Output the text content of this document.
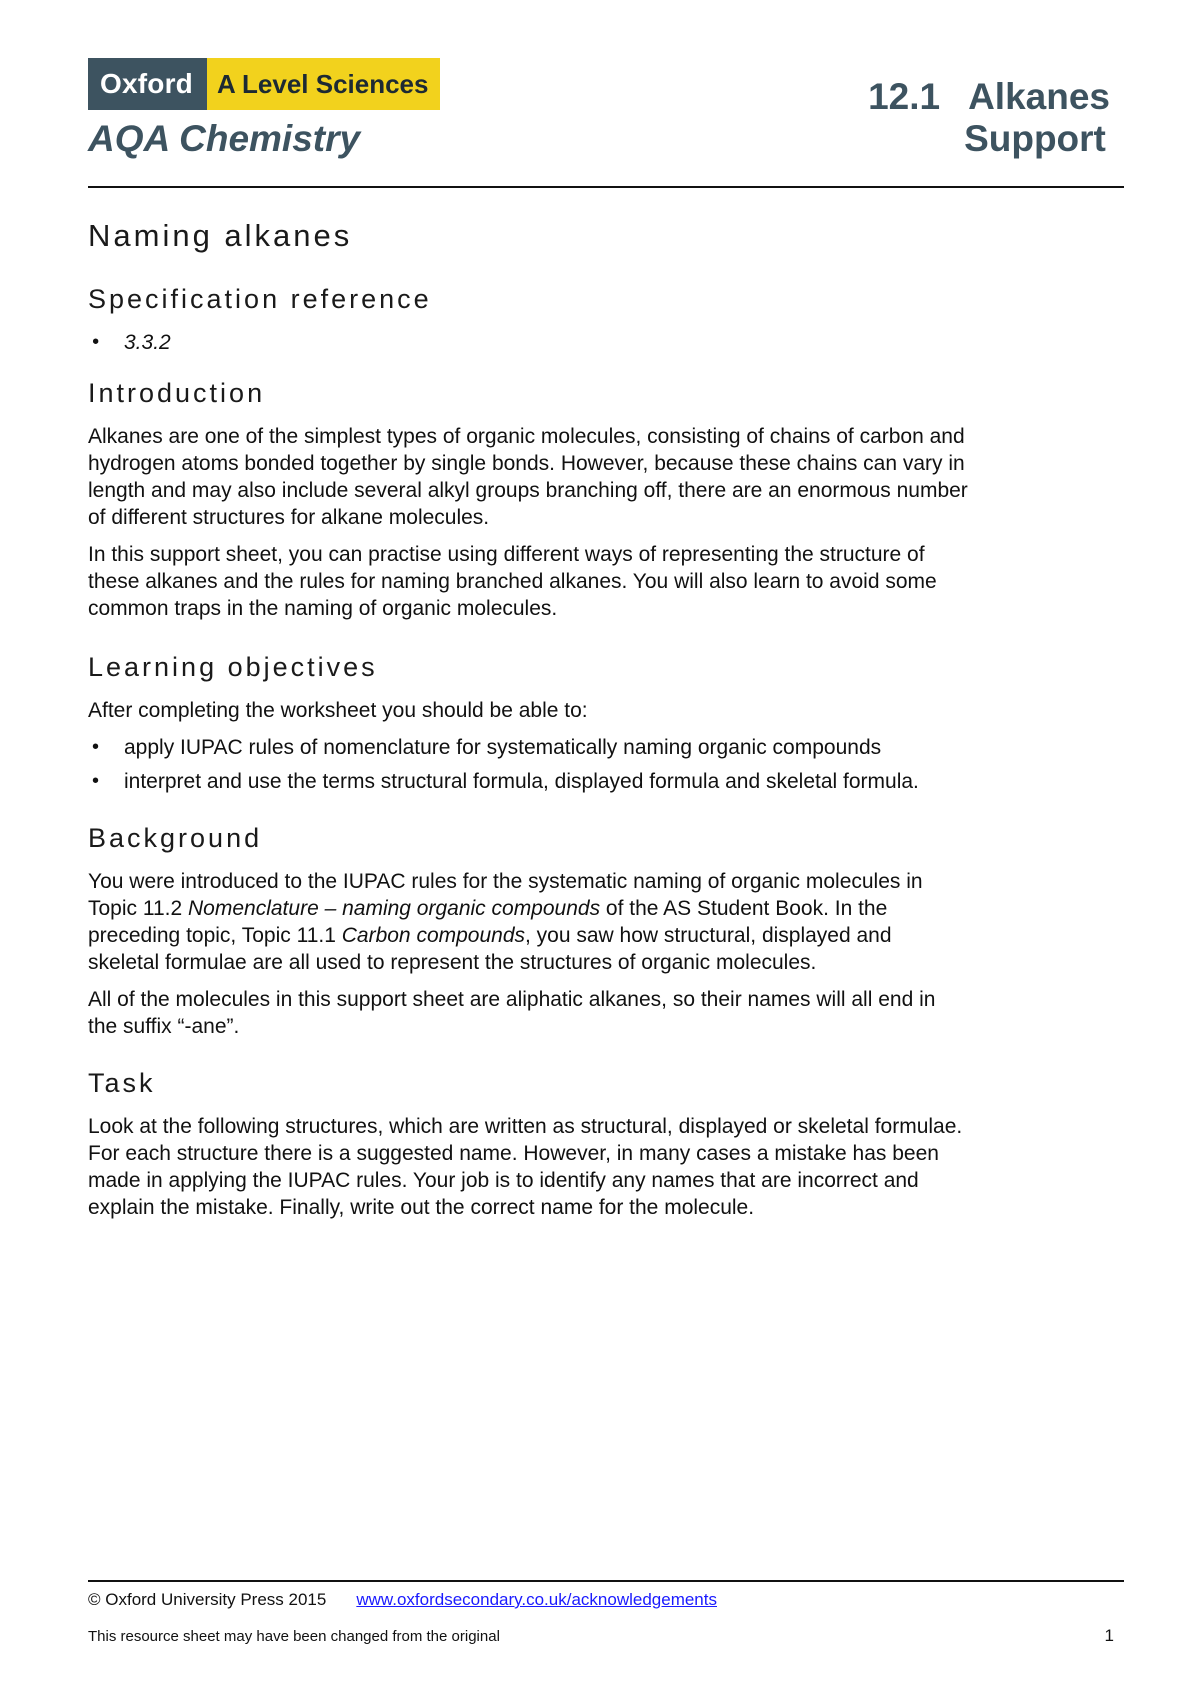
Oxford A Level Sciences
AQA Chemistry
12.1 Alkanes
Support
Naming alkanes
Specification reference
• 3.3.2
Introduction

Alkanes are one of the simplest types of organic molecules, consisting of chains of carbon and hydrogen atoms bonded together by single bonds. However, because these chains can vary in length and may also include several alkyl groups branching off, there are an enormous number of different structures for alkane molecules.

In this support sheet, you can practise using different ways of representing the structure of these alkanes and the rules for naming branched alkanes. You will also learn to avoid some common traps in the naming of organic molecules.

Learning objectives

After completing the worksheet you should be able to:

• apply IUPAC rules of nomenclature for systematically naming organic compounds
• interpret and use the terms structural formula, displayed formula and skeletal formula.
Background

You were introduced to the IUPAC rules for the systematic naming of organic molecules in Topic 11.2 Nomenclature – naming organic compounds of the AS Student Book. In the preceding topic, Topic 11.1 Carbon compounds, you saw how structural, displayed and skeletal formulae are all used to represent the structures of organic molecules.

All of the molecules in this support sheet are aliphatic alkanes, so their names will all end in the suffix “-ane”.

Task

Look at the following structures, which are written as structural, displayed or skeletal formulae. For each structure there is a suggested name. However, in many cases a mistake has been made in applying the IUPAC rules. Your job is to identify any names that are incorrect and explain the mistake. Finally, write out the correct name for the molecule.

© Oxford University Press 2015 www.oxfordsecondary.co.uk/acknowledgements
This resource sheet may have been changed from the original	1
